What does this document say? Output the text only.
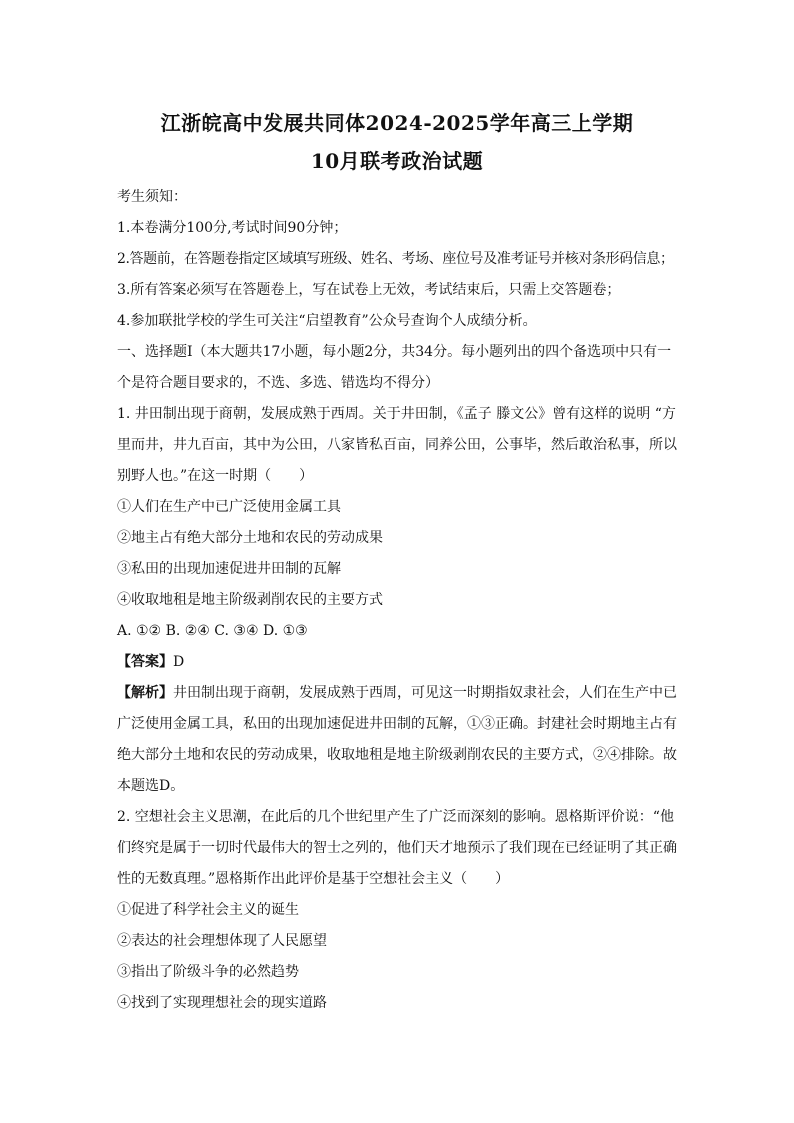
江浙皖高中发展共同体2024-2025学年高三上学期
10月联考政治试题

考生须知：

1.本卷满分100分,考试时间90分钟；

2.答题前，在答题卷指定区域填写班级、姓名、考场、座位号及准考证号并核对条形码信息；

3.所有答案必须写在答题卷上，写在试卷上无效，考试结束后，只需上交答题卷；

4.参加联批学校的学生可关注“启望教育”公众号查询个人成绩分析。

一、选择题Ⅰ（本大题共17小题，每小题2分，共34分。每小题列出的四个备选项中只有一个是符合题目要求的，不选、多选、错选均不得分）

1. 井田制出现于商朝，发展成熟于西周。关于井田制，《孟子 滕文公》曾有这样的说明 “方里而井，井九百亩，其中为公田，八家皆私百亩，同养公田，公事毕，然后敢治私事，所以别野人也。”在这一时期（　　）

①人们在生产中已广泛使用金属工具

②地主占有绝大部分土地和农民的劳动成果

③私田的出现加速促进井田制的瓦解

④收取地租是地主阶级剥削农民的主要方式

A. ①② B. ②④ C. ③④ D. ①③

【答案】D

【解析】井田制出现于商朝，发展成熟于西周，可见这一时期指奴隶社会，人们在生产中已广泛使用金属工具，私田的出现加速促进井田制的瓦解，①③正确。封建社会时期地主占有绝大部分土地和农民的劳动成果，收取地租是地主阶级剥削农民的主要方式，②④排除。故本题选D。

2. 空想社会主义思潮，在此后的几个世纪里产生了广泛而深刻的影响。恩格斯评价说：“他们终究是属于一切时代最伟大的智士之列的，他们天才地预示了我们现在已经证明了其正确性的无数真理。”恩格斯作出此评价是基于空想社会主义（　　）

①促进了科学社会主义的诞生

②表达的社会理想体现了人民愿望

③指出了阶级斗争的必然趋势

④找到了实现理想社会的现实道路
